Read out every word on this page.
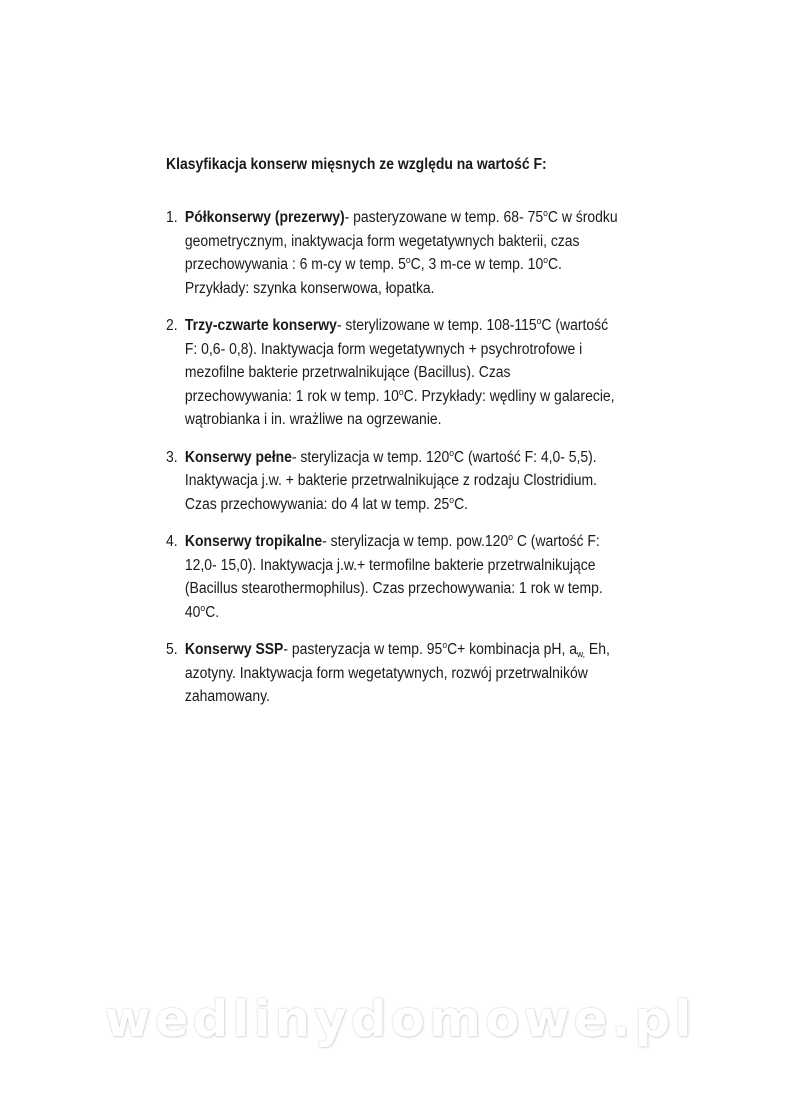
Klasyfikacja konserw mięsnych ze względu na wartość F:
1. Półkonserwy (prezerwy)- pasteryzowane w temp. 68- 75$^o$C w środku
geometrycznym, inaktywacja form wegetatywnych bakterii, czas
przechowywania : 6 m-cy w temp. 5$^o$C, 3 m-ce w temp. 10$^o$C.
Przykłady: szynka konserwowa, łopatka.
2. Trzy-czwarte konserwy- sterylizowane w temp. 108-115$^o$C (wartość
F: 0,6- 0,8). Inaktywacja form wegetatywnych + psychrotrofowe i
mezofilne bakterie przetrwalnikujące (Bacillus). Czas
przechowywania: 1 rok w temp. 10$^o$C. Przykłady: wędliny w galarecie,
wątrobianka i in. wrażliwe na ogrzewanie.
3. Konserwy pełne- sterylizacja w temp. 120$^o$C (wartość F: 4,0- 5,5).
Inaktywacja j.w. + bakterie przetrwalnikujące z rodzaju Clostridium.
Czas przechowywania: do 4 lat w temp. 25$^o$C.
4. Konserwy tropikalne- sterylizacja w temp. pow.120$^o$ C (wartość F:
12,0- 15,0). Inaktywacja j.w.+ termofilne bakterie przetrwalnikujące
(Bacillus stearothermophilus). Czas przechowywania: 1 rok w temp.
40$^o$C.
5. Konserwy SSP- pasteryzacja w temp. $95^oC+$ kombinacja pH, $a_{w,}$ Eh,
azotyny. Inaktywacja form wegetatywnych, rozwój przetrwalników
zahamowany.
wedlinydomowe.pl
